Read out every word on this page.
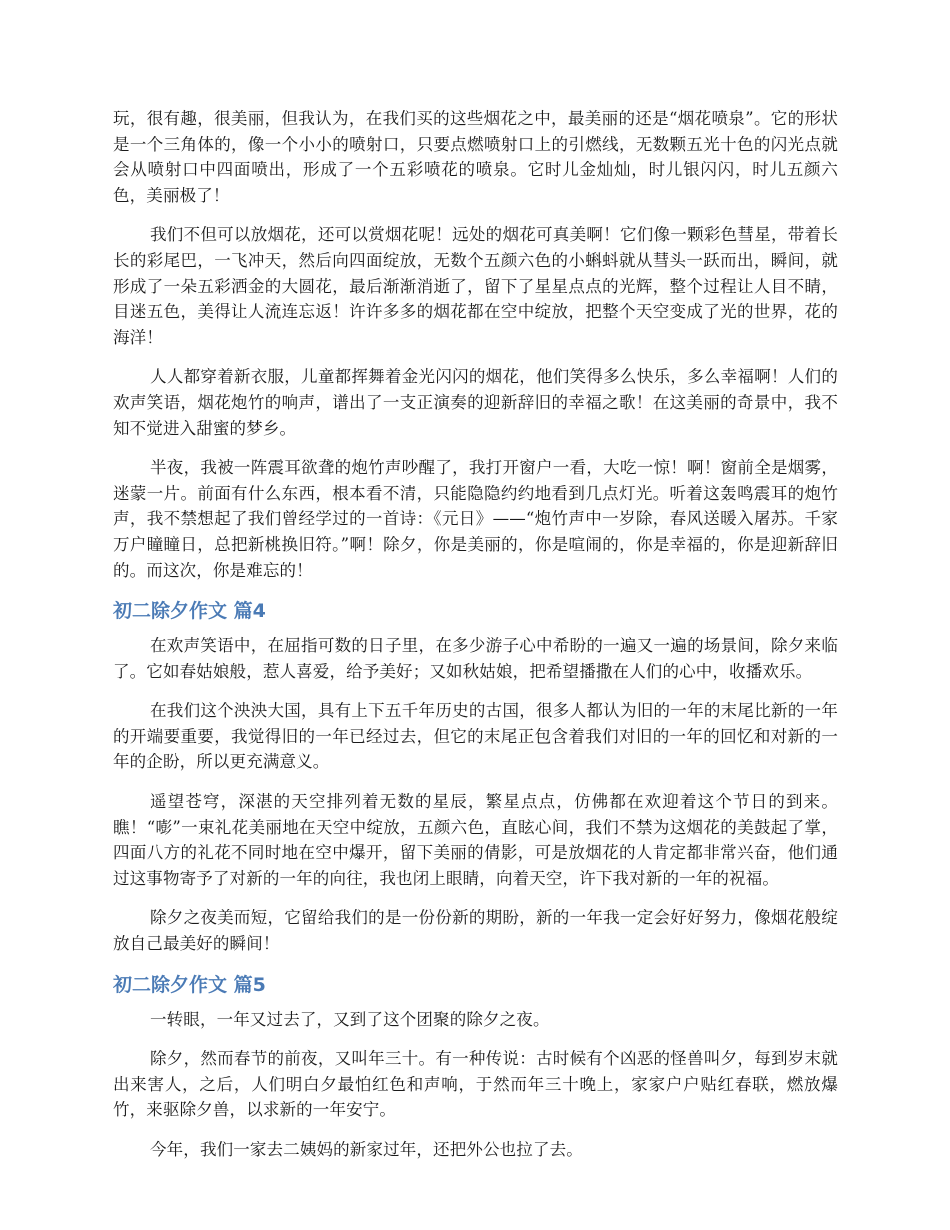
玩，很有趣，很美丽，但我认为，在我们买的这些烟花之中，最美丽的还是“烟花喷泉”。它的形状是一个三角体的，像一个小小的喷射口，只要点燃喷射口上的引燃线，无数颗五光十色的闪光点就会从喷射口中四面喷出，形成了一个五彩喷花的喷泉。它时儿金灿灿，时儿银闪闪，时儿五颜六色，美丽极了！

我们不但可以放烟花，还可以赏烟花呢！远处的烟花可真美啊！它们像一颗彩色彗星，带着长长的彩尾巴，一飞冲天，然后向四面绽放，无数个五颜六色的小蝌蚪就从彗头一跃而出，瞬间，就形成了一朵五彩洒金的大圆花，最后渐渐消逝了，留下了星星点点的光辉，整个过程让人目不睛，目迷五色，美得让人流连忘返！许许多多的烟花都在空中绽放，把整个天空变成了光的世界，花的海洋！

人人都穿着新衣服，儿童都挥舞着金光闪闪的烟花，他们笑得多么快乐，多么幸福啊！人们的欢声笑语，烟花炮竹的响声，谱出了一支正演奏的迎新辞旧的幸福之歌！在这美丽的奇景中，我不知不觉进入甜蜜的梦乡。

半夜，我被一阵震耳欲聋的炮竹声吵醒了，我打开窗户一看，大吃一惊！啊！窗前全是烟雾，迷蒙一片。前面有什么东西，根本看不清，只能隐隐约约地看到几点灯光。听着这轰鸣震耳的炮竹声，我不禁想起了我们曾经学过的一首诗：《元日》——“炮竹声中一岁除，春风送暖入屠苏。千家万户瞳瞳日，总把新桃换旧符。”啊！除夕，你是美丽的，你是喧闹的，你是幸福的，你是迎新辞旧的。而这次，你是难忘的！

初二除夕作文 篇4

在欢声笑语中，在屈指可数的日子里，在多少游子心中希盼的一遍又一遍的场景间，除夕来临了。它如春姑娘般，惹人喜爱，给予美好；又如秋姑娘，把希望播撒在人们的心中，收播欢乐。

在我们这个泱泱大国，具有上下五千年历史的古国，很多人都认为旧的一年的末尾比新的一年的开端要重要，我觉得旧的一年已经过去，但它的末尾正包含着我们对旧的一年的回忆和对新的一年的企盼，所以更充满意义。

遥望苍穹，深湛的天空排列着无数的星辰，繁星点点，仿佛都在欢迎着这个节日的到来。瞧！“嘭”一束礼花美丽地在天空中绽放，五颜六色，直眩心间，我们不禁为这烟花的美鼓起了掌，四面八方的礼花不同时地在空中爆开，留下美丽的倩影，可是放烟花的人肯定都非常兴奋，他们通过这事物寄予了对新的一年的向往，我也闭上眼睛，向着天空，许下我对新的一年的祝福。

除夕之夜美而短，它留给我们的是一份份新的期盼，新的一年我一定会好好努力，像烟花般绽放自己最美好的瞬间！

初二除夕作文 篇5

一转眼，一年又过去了，又到了这个团聚的除夕之夜。

除夕，然而春节的前夜，又叫年三十。有一种传说：古时候有个凶恶的怪兽叫夕，每到岁末就出来害人，之后，人们明白夕最怕红色和声响，于然而年三十晚上，家家户户贴红春联，燃放爆竹，来驱除夕兽，以求新的一年安宁。

今年，我们一家去二姨妈的新家过年，还把外公也拉了去。
